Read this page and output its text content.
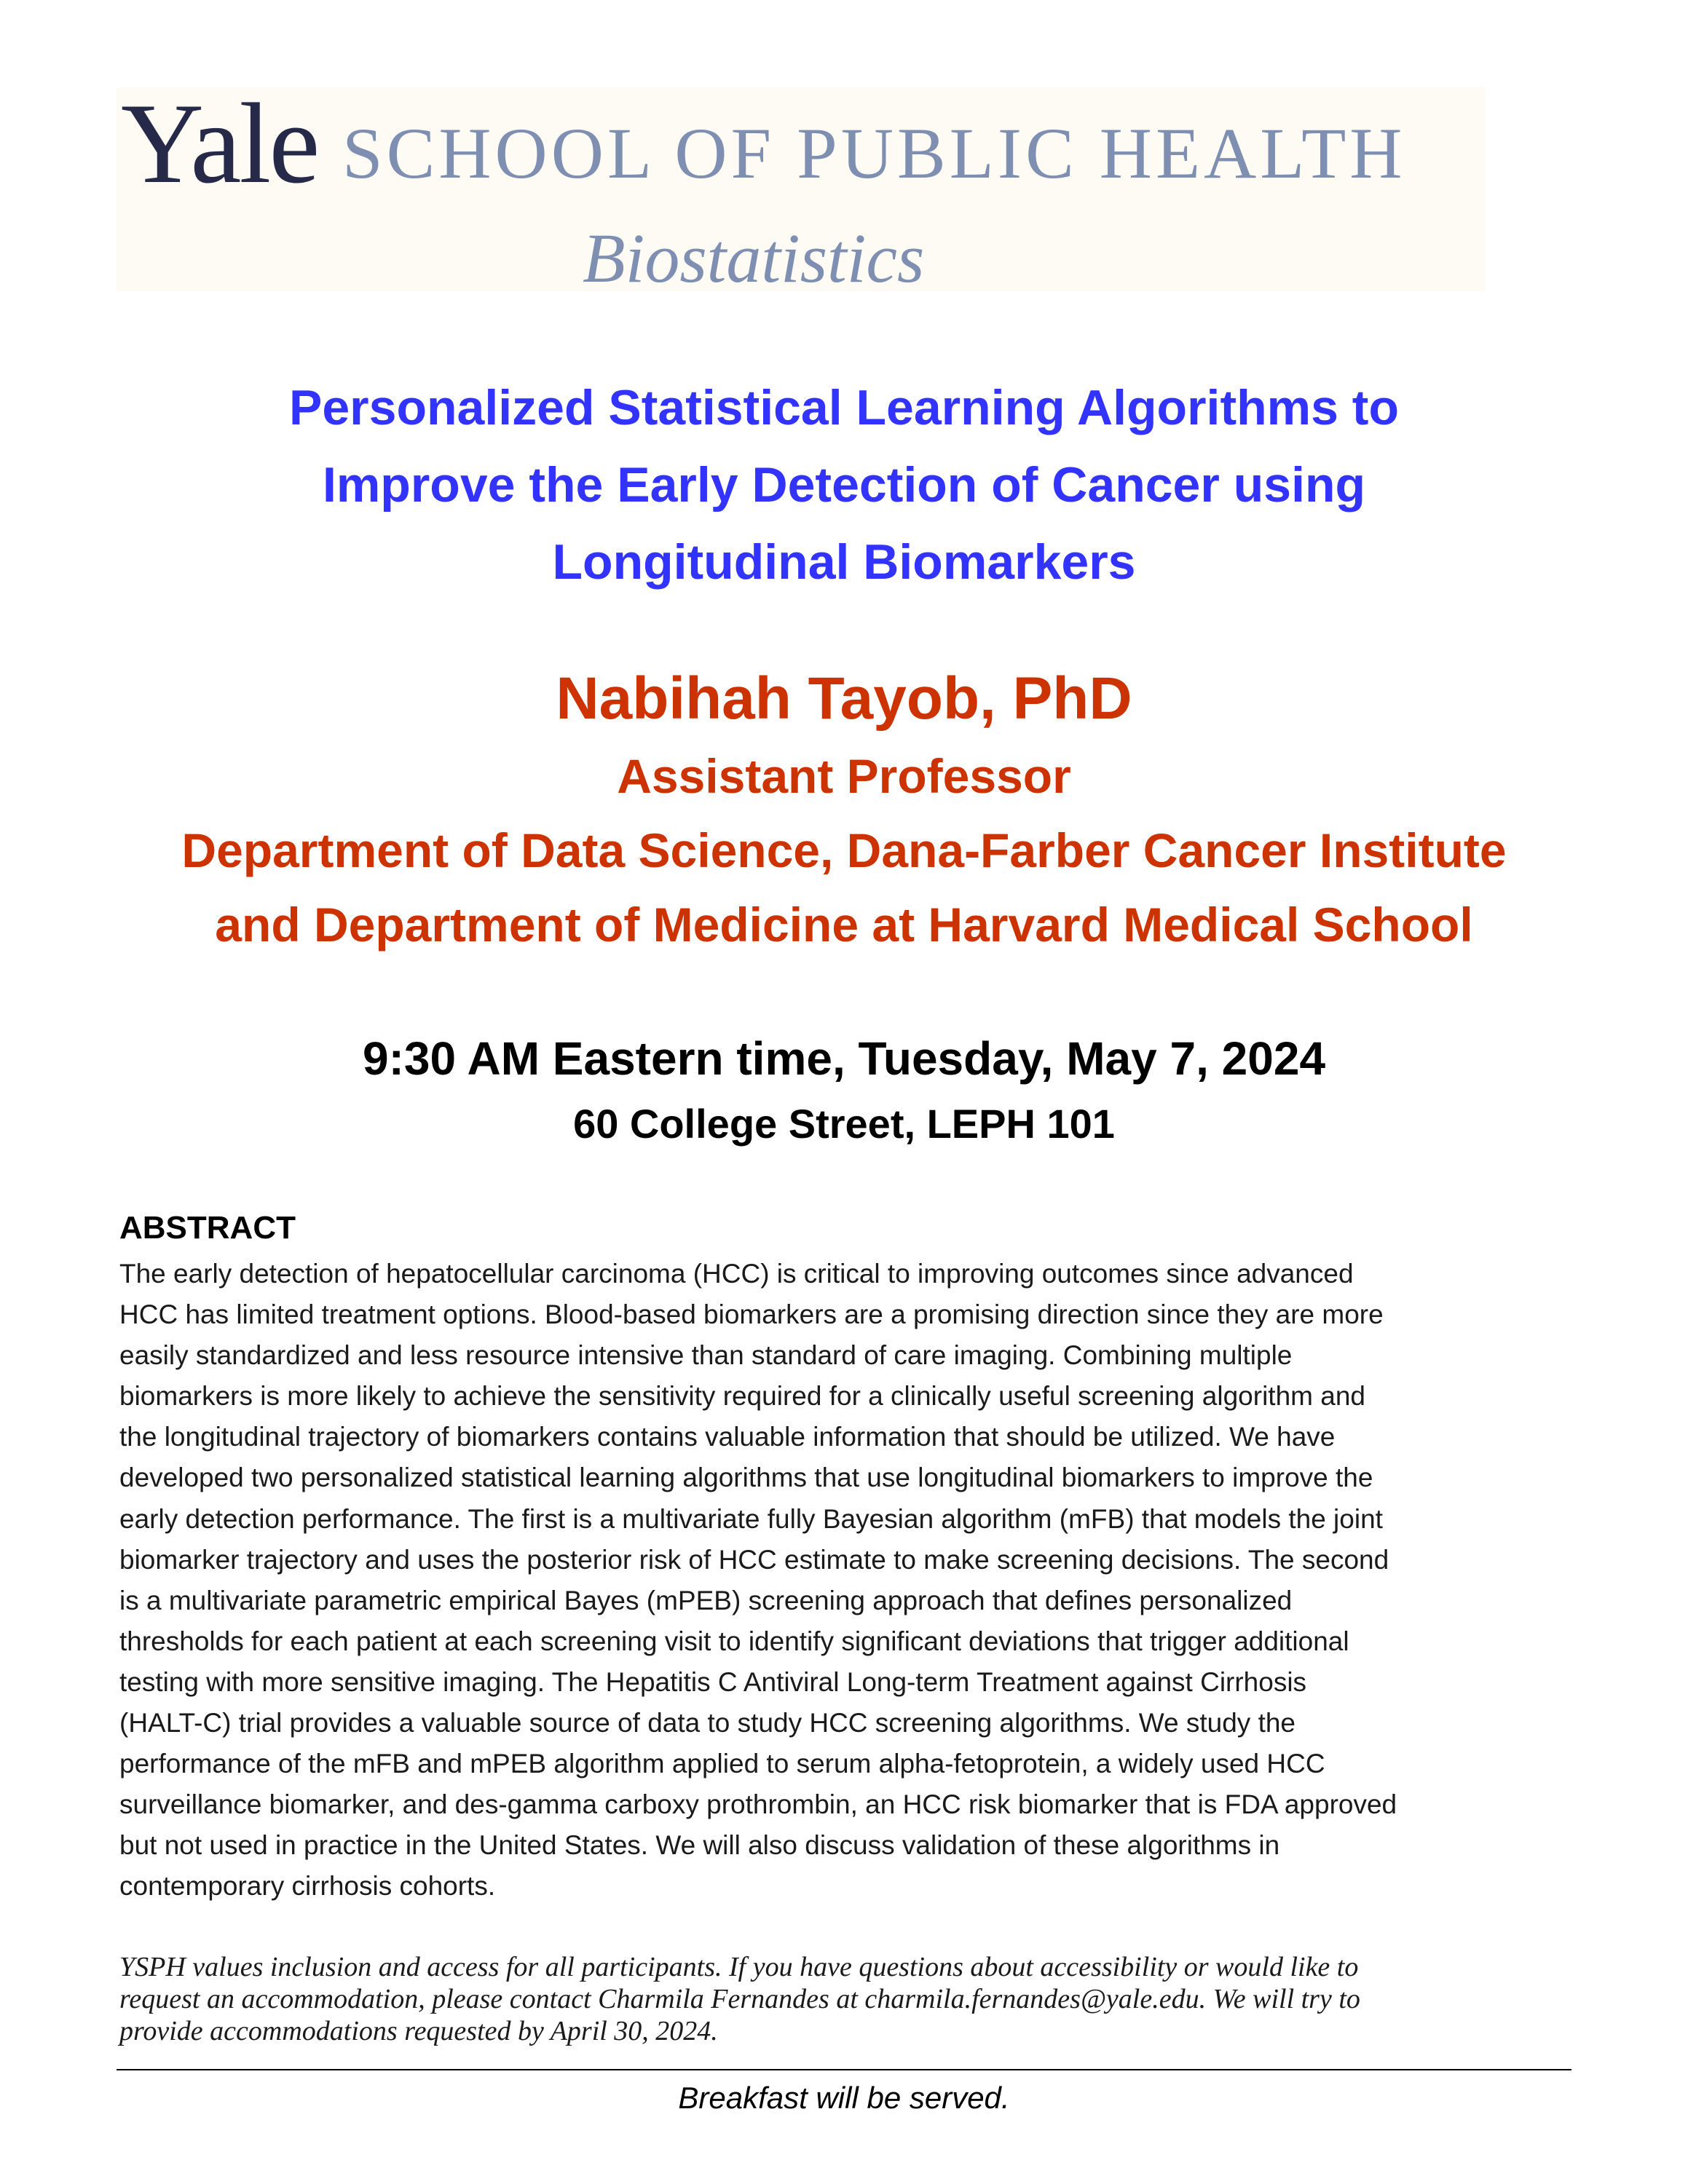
Yale SCHOOL OF PUBLIC HEALTH
Biostatistics
Personalized Statistical Learning Algorithms to
Improve the Early Detection of Cancer using
Longitudinal Biomarkers
Nabihah Tayob, PhD
Assistant Professor
Department of Data Science, Dana-Farber Cancer Institute
and Department of Medicine at Harvard Medical School
9:30 AM Eastern time, Tuesday, May 7, 2024
60 College Street, LEPH 101
ABSTRACT
The early detection of hepatocellular carcinoma (HCC) is critical to improving outcomes since advanced
HCC has limited treatment options. Blood-based biomarkers are a promising direction since they are more
easily standardized and less resource intensive than standard of care imaging. Combining multiple
biomarkers is more likely to achieve the sensitivity required for a clinically useful screening algorithm and
the longitudinal trajectory of biomarkers contains valuable information that should be utilized. We have
developed two personalized statistical learning algorithms that use longitudinal biomarkers to improve the
early detection performance. The first is a multivariate fully Bayesian algorithm (mFB) that models the joint
biomarker trajectory and uses the posterior risk of HCC estimate to make screening decisions. The second
is a multivariate parametric empirical Bayes (mPEB) screening approach that defines personalized
thresholds for each patient at each screening visit to identify significant deviations that trigger additional
testing with more sensitive imaging. The Hepatitis C Antiviral Long-term Treatment against Cirrhosis
(HALT-C) trial provides a valuable source of data to study HCC screening algorithms. We study the
performance of the mFB and mPEB algorithm applied to serum alpha-fetoprotein, a widely used HCC
surveillance biomarker, and des-gamma carboxy prothrombin, an HCC risk biomarker that is FDA approved
but not used in practice in the United States. We will also discuss validation of these algorithms in
contemporary cirrhosis cohorts.
YSPH values inclusion and access for all participants. If you have questions about accessibility or would like to
request an accommodation, please contact Charmila Fernandes at charmila.fernandes@yale.edu. We will try to
provide accommodations requested by April 30, 2024.
Breakfast will be served.
